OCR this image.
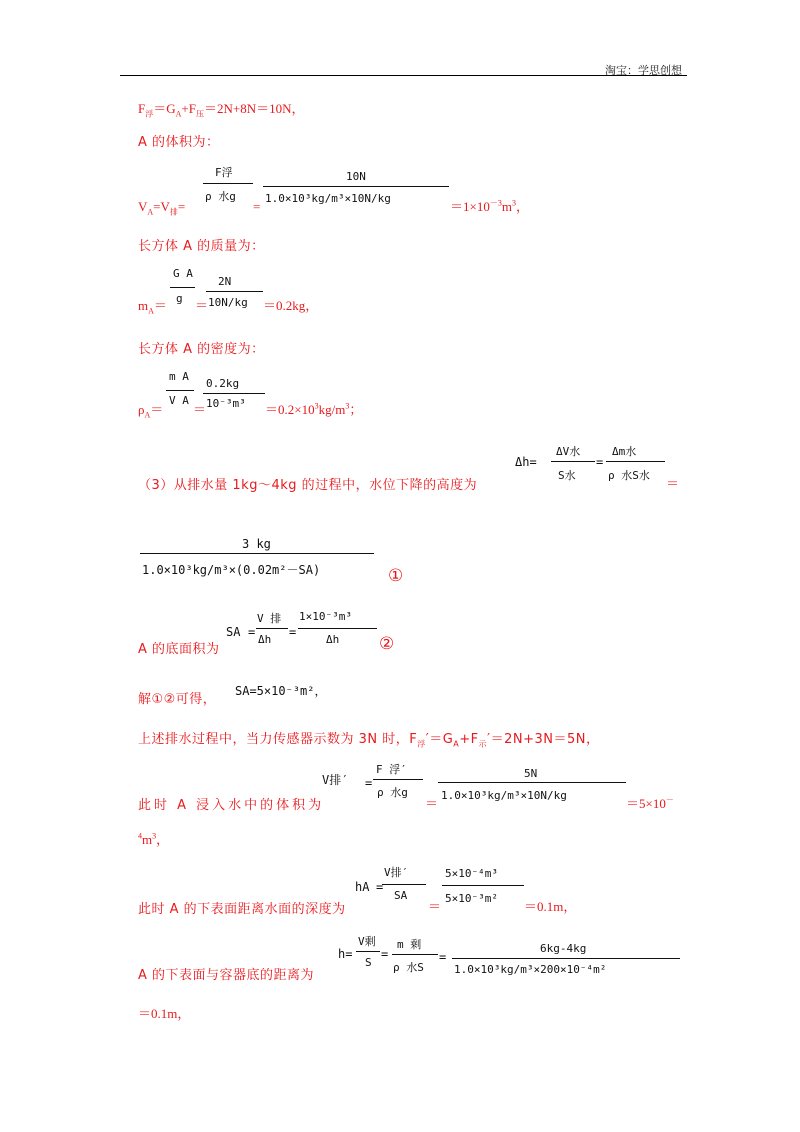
淘宝：学思创想
$F_浮=G_A+F_压=2N+8N=10N$，
A 的体积为：
F浮
ρ 水g
10N
1.0×10³kg/m³×10N/kg
$V_A=V_排=$	=	$=1\times 10^{-3}m^3$，
长方体 A 的质量为：
G A
g
2N
10N/kg
$m_A=$ ＝	＝0.2kg，
长方体 A 的密度为：
m A
V A
0.2kg
10⁻³m³
$\rho_A=$ ＝	$=0.2\times 10^3kg/m^3$；
（3）从排水量 1kg～4kg 的过程中，水位下降的高度为
Δh=
ΔV水
S水
=
Δm水
ρ 水S水
＝
3 kg
1.0×10³kg/m³×(0.02m²－SA)	①
A 的底面积为
SA =
V 排
Δh
=
1×10⁻³m³
Δh ②
解①②可得，
SA=5×10⁻³m²，
上述排水过程中，当力传感器示数为 3N 时，$F_浮'=G_A+F_示'=2N+3N=5N$，
此时 A 浸入水中的体积为
V排′ =
F 浮′
ρ 水g
5N
1.0×10³kg/m³×10N/kg
＝	＝5×10－
$^4m^3$，
此时 A 的下表面距离水面的深度为
hA =
V排′
SA
5×10⁻⁴m³
5×10⁻³m²
＝	＝0.1m，
A 的下表面与容器底的距离为
h=
V剩
S
=
m 剩
ρ 水S
=
6kg-4kg
1.0×10³kg/m³×200×10⁻⁴m²
＝0.1m，
